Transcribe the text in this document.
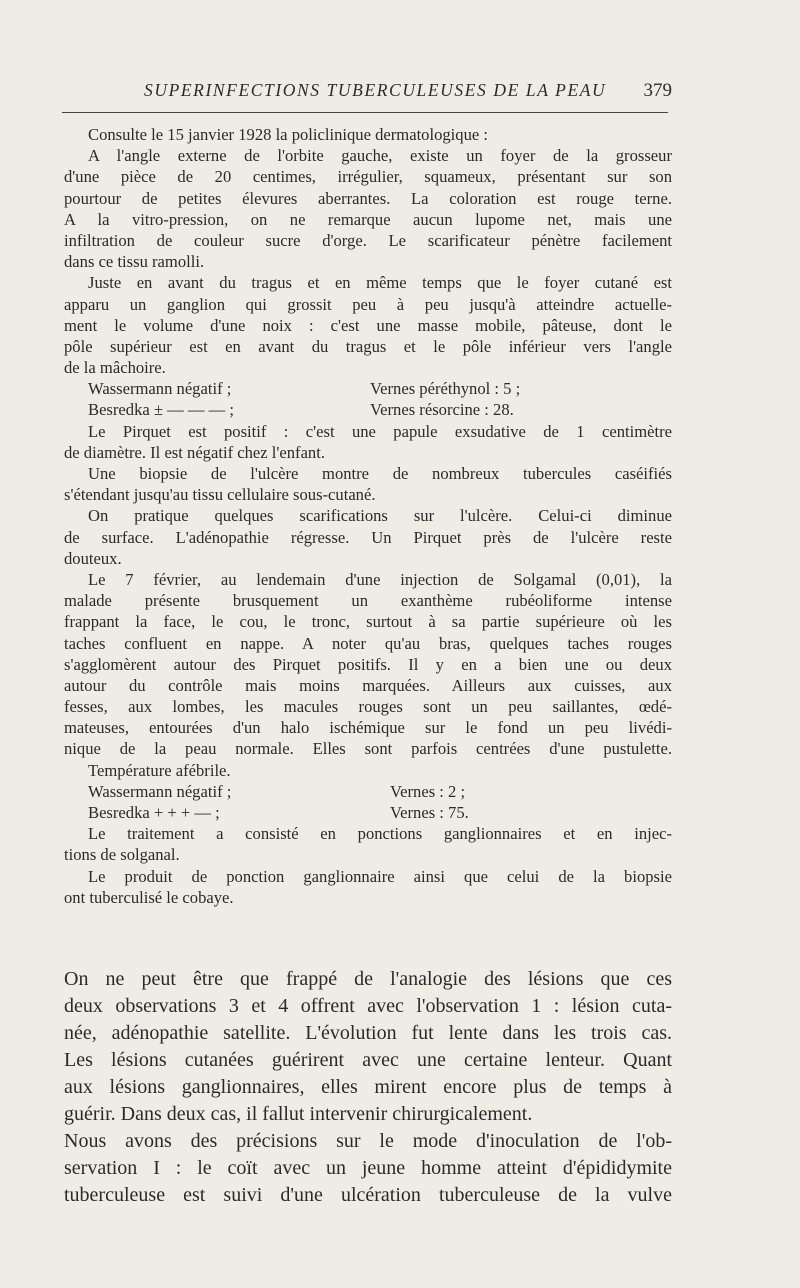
SUPERINFECTIONS TUBERCULEUSES DE LA PEAU 379
Consulte le 15 janvier 1928 la policlinique dermatologique :
A l'angle externe de l'orbite gauche, existe un foyer de la grosseur
d'une pièce de 20 centimes, irrégulier, squameux, présentant sur son
pourtour de petites élevures aberrantes. La coloration est rouge terne.
A la vitro-pression, on ne remarque aucun lupome net, mais une
infiltration de couleur sucre d'orge. Le scarificateur pénètre facilement
dans ce tissu ramolli.
Juste en avant du tragus et en même temps que le foyer cutané est
apparu un ganglion qui grossit peu à peu jusqu'à atteindre actuelle-
ment le volume d'une noix : c'est une masse mobile, pâteuse, dont le
pôle supérieur est en avant du tragus et le pôle inférieur vers l'angle
de la mâchoire.
Wassermann négatif ;	Vernes péréthynol : 5 ;
Besredka ± — — — ;	Vernes résorcine : 28.
Le Pirquet est positif : c'est une papule exsudative de 1 centimètre
de diamètre. Il est négatif chez l'enfant.
Une biopsie de l'ulcère montre de nombreux tubercules caséifiés
s'étendant jusqu'au tissu cellulaire sous-cutané.
On pratique quelques scarifications sur l'ulcère. Celui-ci diminue
de surface. L'adénopathie régresse. Un Pirquet près de l'ulcère reste
douteux.
Le 7 février, au lendemain d'une injection de Solgamal (0,01), la
malade présente brusquement un exanthème rubéoliforme intense
frappant la face, le cou, le tronc, surtout à sa partie supérieure où les
taches confluent en nappe. A noter qu'au bras, quelques taches rouges
s'agglomèrent autour des Pirquet positifs. Il y en a bien une ou deux
autour du contrôle mais moins marquées. Ailleurs aux cuisses, aux
fesses, aux lombes, les macules rouges sont un peu saillantes, œdé-
mateuses, entourées d'un halo ischémique sur le fond un peu livédi-
nique de la peau normale. Elles sont parfois centrées d'une pustulette.
Température afébrile.
Wassermann négatif ;	Vernes : 2 ;
Besredka + + + — ;	Vernes : 75.
Le traitement a consisté en ponctions ganglionnaires et en injec-
tions de solganal.
Le produit de ponction ganglionnaire ainsi que celui de la biopsie
ont tuberculisé le cobaye.
On ne peut être que frappé de l'analogie des lésions que ces
deux observations 3 et 4 offrent avec l'observation 1 : lésion cuta-
née, adénopathie satellite. L'évolution fut lente dans les trois cas.
Les lésions cutanées guérirent avec une certaine lenteur. Quant
aux lésions ganglionnaires, elles mirent encore plus de temps à
guérir. Dans deux cas, il fallut intervenir chirurgicalement.
Nous avons des précisions sur le mode d'inoculation de l'ob-
servation I : le coït avec un jeune homme atteint d'épididymite
tuberculeuse est suivi d'une ulcération tuberculeuse de la vulve
